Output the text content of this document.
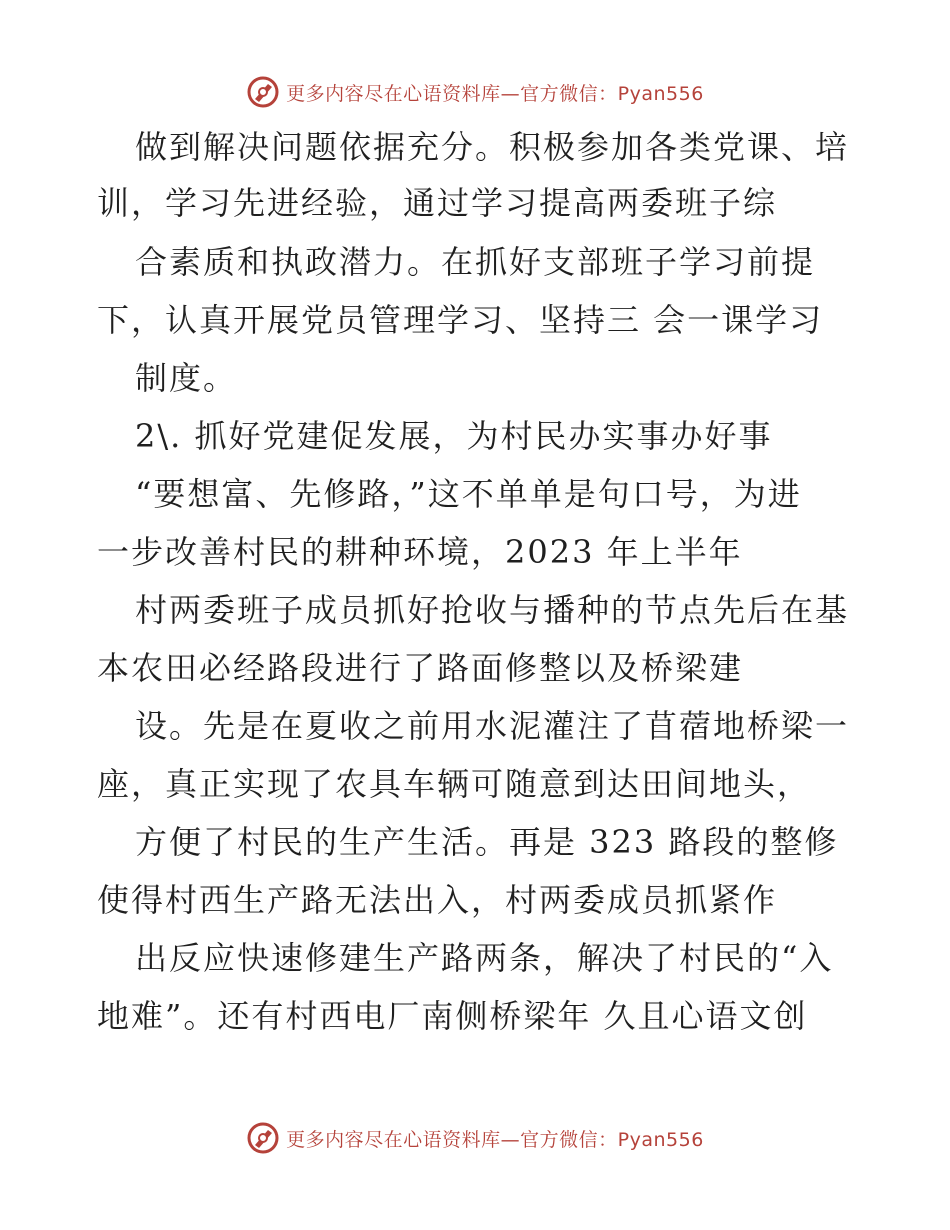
更多内容尽在心语资料库—官方微信：Pyan556
做到解决问题依据充分。积极参加各类党课、培
训，学习先进经验，通过学习提高两委班子综
合素质和执政潜力。在抓好支部班子学习前提
下，认真开展党员管理学习、坚持三 会一课学习
制度。
2\. 抓好党建促发展，为村民办实事办好事
“要想富、先修路，”这不单单是句口号，为进
一步改善村民的耕种环境，2023 年上半年
村两委班子成员抓好抢收与播种的节点先后在基
本农田必经路段进行了路面修整以及桥梁建
设。先是在夏收之前用水泥灌注了苜蓿地桥梁一
座，真正实现了农具车辆可随意到达田间地头，
方便了村民的生产生活。再是 323 路段的整修
使得村西生产路无法出入，村两委成员抓紧作
出反应快速修建生产路两条，解决了村民的“入
地难”。还有村西电厂南侧桥梁年 久且心语文创
更多内容尽在心语资料库—官方微信：Pyan556
